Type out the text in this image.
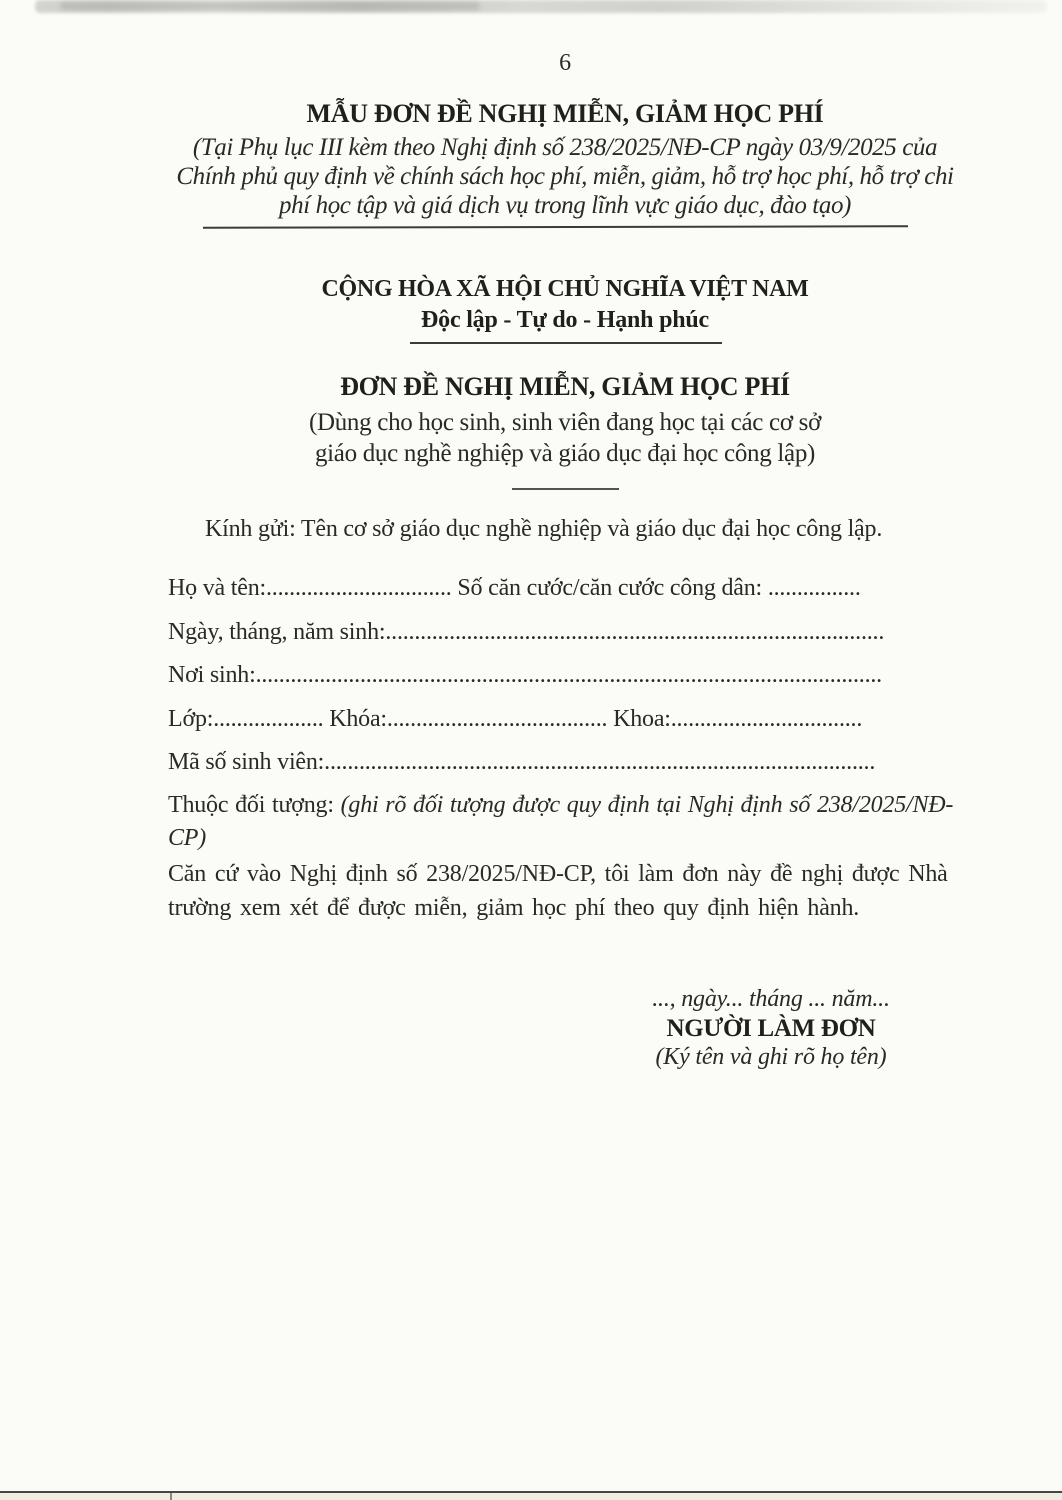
6
MẪU ĐƠN ĐỀ NGHỊ MIỄN, GIẢM HỌC PHÍ
(Tại Phụ lục III kèm theo Nghị định số 238/2025/NĐ-CP ngày 03/9/2025 của
Chính phủ quy định về chính sách học phí, miễn, giảm, hỗ trợ học phí, hỗ trợ chi
phí học tập và giá dịch vụ trong lĩnh vực giáo dục, đào tạo)
CỘNG HÒA XÃ HỘI CHỦ NGHĨA VIỆT NAM
Độc lập - Tự do - Hạnh phúc
ĐƠN ĐỀ NGHỊ MIỄN, GIẢM HỌC PHÍ
(Dùng cho học sinh, sinh viên đang học tại các cơ sở
giáo dục nghề nghiệp và giáo dục đại học công lập)
Kính gửi: Tên cơ sở giáo dục nghề nghiệp và giáo dục đại học công lập.
Họ và tên:................................ Số căn cước/căn cước công dân: ................
Ngày, tháng, năm sinh:......................................................................................
Nơi sinh:............................................................................................................
Lớp:................... Khóa:...................................... Khoa:.................................
Mã số sinh viên:...............................................................................................
Thuộc đối tượng: (ghi rõ đối tượng được quy định tại Nghị định số 238/2025/NĐ-
CP)
Căn cứ vào Nghị định số 238/2025/NĐ-CP, tôi làm đơn này đề nghị được Nhà
trường xem xét để được miễn, giảm học phí theo quy định hiện hành.
..., ngày... tháng ... năm...
NGƯỜI LÀM ĐƠN
(Ký tên và ghi rõ họ tên)
